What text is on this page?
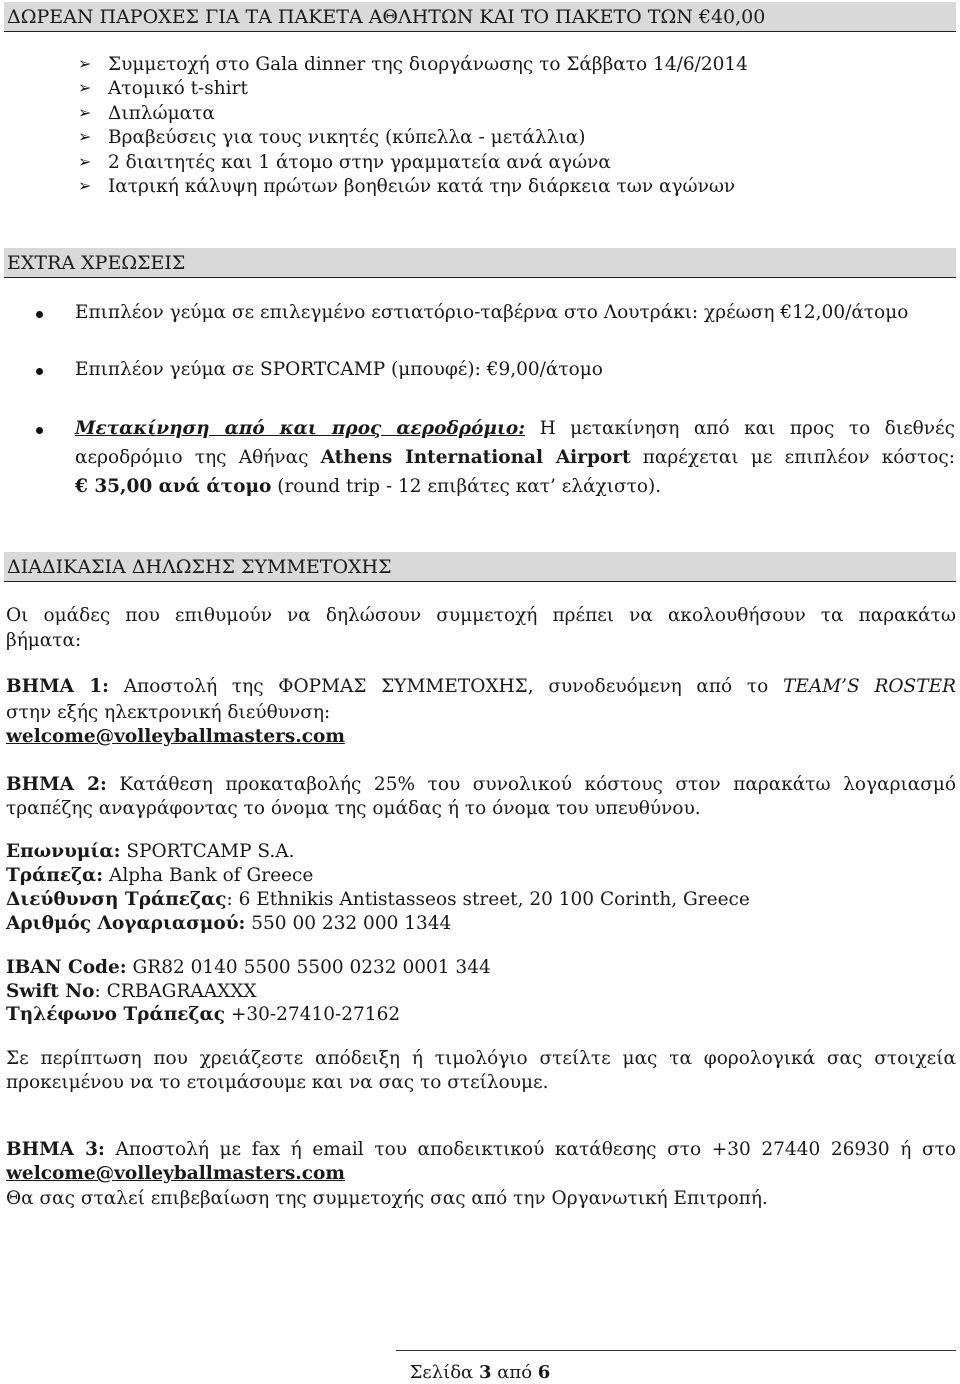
ΔΩΡΕΑΝ ΠΑΡΟΧΕΣ ΓΙΑ ΤΑ ΠΑΚΕΤΑ ΑΘΛΗΤΩΝ ΚΑΙ ΤΟ ΠΑΚΕΤΟ ΤΩΝ €40,00
➢ Συμμετοχή στο Gala dinner της διοργάνωσης το Σάββατο 14/6/2014
➢ Ατομικό t-shirt
➢ Διπλώματα
➢ Βραβεύσεις για τους νικητές (κύπελλα - μετάλλια)
➢ 2 διαιτητές και 1 άτομο στην γραμματεία ανά αγώνα
➢ Ιατρική κάλυψη πρώτων βοηθειών κατά την διάρκεια των αγώνων
EXTRA ΧΡΕΩΣΕΙΣ
Επιπλέον γεύμα σε επιλεγμένο εστιατόριο-ταβέρνα στο Λουτράκι: χρέωση €12,00/άτομο
Επιπλέον γεύμα σε SPORTCAMP (μπουφέ): €9,00/άτομο
Μετακίνηση από και προς αεροδρόμιο: Η μετακίνηση από και προς το διεθνές
αεροδρόμιο της Αθήνας Athens International Airport παρέχεται με επιπλέον κόστος:
€ 35,00 ανά άτομο (round trip - 12 επιβάτες κατ’ ελάχιστο).
ΔΙΑΔΙΚΑΣΙΑ ΔΗΛΩΣΗΣ ΣΥΜΜΕΤΟΧΗΣ
Οι ομάδες που επιθυμούν να δηλώσουν συμμετοχή πρέπει να ακολουθήσουν τα παρακάτω
βήματα:
ΒΗΜΑ 1: Αποστολή της ΦΟΡΜΑΣ ΣΥΜΜΕΤΟΧΗΣ, συνοδευόμενη από το TEAM’S ROSTER
στην εξής ηλεκτρονική διεύθυνση:
welcome@volleyballmasters.com
ΒΗΜΑ 2: Κατάθεση προκαταβολής 25% του συνολικού κόστους στον παρακάτω λογαριασμό
τραπέζης αναγράφοντας το όνομα της ομάδας ή το όνομα του υπευθύνου.
Επωνυμία: SPORTCAMP S.A.
Τράπεζα: Alpha Bank of Greece
Διεύθυνση Τράπεζας: 6 Ethnikis Antistasseos street, 20 100 Corinth, Greece
Αριθμός Λογαριασμού: 550 00 232 000 1344
IBAN Code: GR82 0140 5500 5500 0232 0001 344
Swift No: CRBAGRAAXXX
Τηλέφωνο Τράπεζας +30-27410-27162
Σε περίπτωση που χρειάζεστε απόδειξη ή τιμολόγιο στείλτε μας τα φορολογικά σας στοιχεία
προκειμένου να το ετοιμάσουμε και να σας το στείλουμε.
ΒΗΜΑ 3: Αποστολή με fax ή email του αποδεικτικού κατάθεσης στο +30 27440 26930 ή στο
welcome@volleyballmasters.com
Θα σας σταλεί επιβεβαίωση της συμμετοχής σας από την Οργανωτική Επιτροπή.
Σελίδα 3 από 6
